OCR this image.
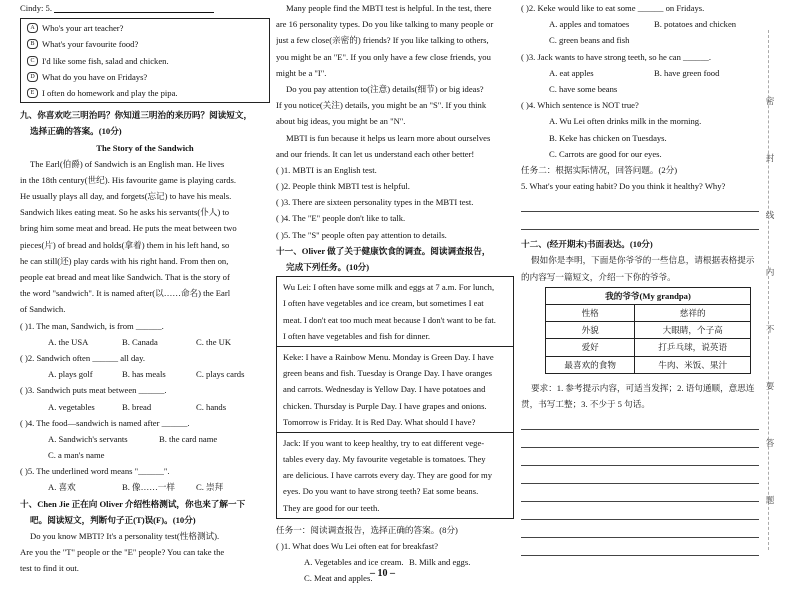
Cindy: 5.
A Who's your art teacher?
B What's your favourite food?
C I'd like some fish, salad and chicken.
D What do you have on Fridays?
E I often do homework and play the pipa.
九、你喜欢吃三明治吗？你知道三明治的来历吗？阅读短文，
选择正确的答案。(10分)
The Story of the Sandwich
The Earl(伯爵) of Sandwich is an English man. He lives
in the 18th century(世纪). His favourite game is playing cards.
He usually plays all day, and forgets(忘记) to have his meals.
Sandwich likes eating meat. So he asks his servants(仆人) to
bring him some meat and bread. He puts the meat between two
pieces(片) of bread and holds(拿着) them in his left hand, so
he can still(还) play cards with his right hand. From then on,
people eat bread and meat like Sandwich. That is the story of
the word "sandwich". It is named after(以……命名) the Earl
of Sandwich.
( )1. The man, Sandwich, is from ______.
A. the USA	B. Canada	C. the UK
( )2. Sandwich often ______ all day.
A. plays golf	B. has meals	C. plays cards
( )3. Sandwich puts meat between ______.
A. vegetables	B. bread	C. hands
( )4. The food—sandwich is named after ______.
A. Sandwich's servants	B. the card name
C. a man's name
( )5. The underlined word means "______".
A. 喜欢	B. 像……一样	C. 崇拜
十、Chen Jie 正在向 Oliver 介绍性格测试，你也来了解一下
吧。阅读短文，判断句子正(T)误(F)。(10分)
Do you know MBTI? It's a personality test(性格测试).
Are you the "T" people or the "E" people? You can take the
test to find it out.
Many people find the MBTI test is helpful. In the test, there
are 16 personality types. Do you like talking to many people or
just a few close(亲密的) friends? If you like talking to others,
you might be an "E". If you only have a few close friends, you
might be a "I".
Do you pay attention to(注意) details(细节) or big ideas?
If you notice(关注) details, you might be an "S". If you think
about big ideas, you might be an "N".
MBTI is fun because it helps us learn more about ourselves
and our friends. It can let us understand each other better!
( )1. MBTI is an English test.
( )2. People think MBTI test is helpful.
( )3. There are sixteen personality types in the MBTI test.
( )4. The "E" people don't like to talk.
( )5. The "S" people often pay attention to details.
十一、Oliver 做了关于健康饮食的调查。阅读调查报告，
完成下列任务。(10分)
Wu Lei: I often have some milk and eggs at 7 a.m. For lunch,
I often have vegetables and ice cream, but sometimes I eat
meat. I don't eat too much meat because I don't want to be fat.
I often have vegetables and fish for dinner.
Keke: I have a Rainbow Menu. Monday is Green Day. I have
green beans and fish. Tuesday is Orange Day. I have oranges
and carrots. Wednesday is Yellow Day. I have potatoes and
chicken. Thursday is Purple Day. I have grapes and onions.
Tomorrow is Friday. It is Red Day. What should I have?
Jack: If you want to keep healthy, try to eat different vege-
tables every day. My favourite vegetable is tomatoes. They
are delicious. I have carrots every day. They are good for my
eyes. Do you want to have strong teeth? Eat some beans.
They are good for our teeth.
任务一：阅读调查报告，选择正确的答案。(8分)
( )1. What does Wu Lei often eat for breakfast?
A. Vegetables and ice cream. B. Milk and eggs.
C. Meat and apples.
( )2. Keke would like to eat some ______ on Fridays.
A. apples and tomatoes	B. potatoes and chicken
C. green beans and fish
( )3. Jack wants to have strong teeth, so he can ______.
A. eat apples	B. have green food
C. have some beans
( )4. Which sentence is NOT true?
A. Wu Lei often drinks milk in the morning.
B. Keke has chicken on Tuesdays.
C. Carrots are good for our eyes.
任务二：根据实际情况，回答问题。(2分)
5. What's your eating habit? Do you think it healthy? Why?
十二、(经开期末)书面表达。(10分)
假如你是李明，下面是你爷爷的一些信息，请根据表格提示
的内容写一篇短文，介绍一下你的爷爷。
我的爷爷(My grandpa)	
性格	慈祥的
外貌	大眼睛，个子高
爱好	打乒乓球，说英语
最喜欢的食物	牛肉、米饭、果汁
要求：1. 参考提示内容，可适当发挥；2. 语句通顺，意思连
贯，书写工整；3. 不少于 5 句话。
密
封
线
内
不
要
答
题
– 10 –
